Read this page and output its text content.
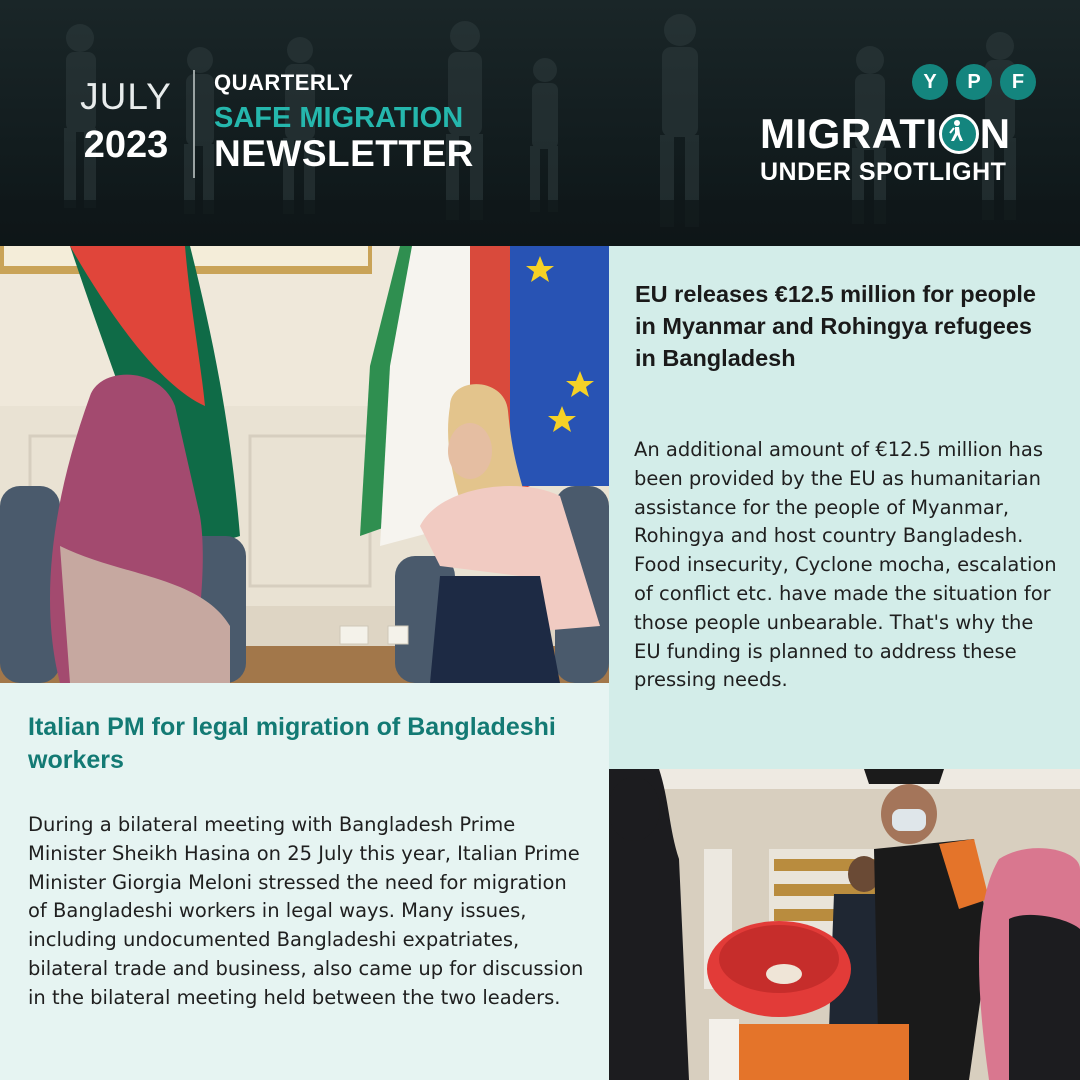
JULY
2023
QUARTERLY
SAFE MIGRATION
NEWSLETTER
Y	P	F
MIGRATI N
UNDER SPOTLIGHT
EU releases €12.5 million for people in Myanmar and Rohingya refugees in Bangladesh
An additional amount of €12.5 million has been provided by the EU as humanitarian assistance for the people of Myanmar, Rohingya and host country Bangladesh. Food insecurity, Cyclone mocha, escalation of conflict etc. have made the situation for those people unbearable. That's why the EU funding is planned to address these pressing needs.
Italian PM for legal migration of Bangladeshi workers
During a bilateral meeting with Bangladesh Prime Minister Sheikh Hasina on 25 July this year, Italian Prime Minister Giorgia Meloni stressed the need for migration of Bangladeshi workers in legal ways. Many issues, including undocumented Bangladeshi expatriates, bilateral trade and business, also came up for discussion in the bilateral meeting held between the two leaders.
